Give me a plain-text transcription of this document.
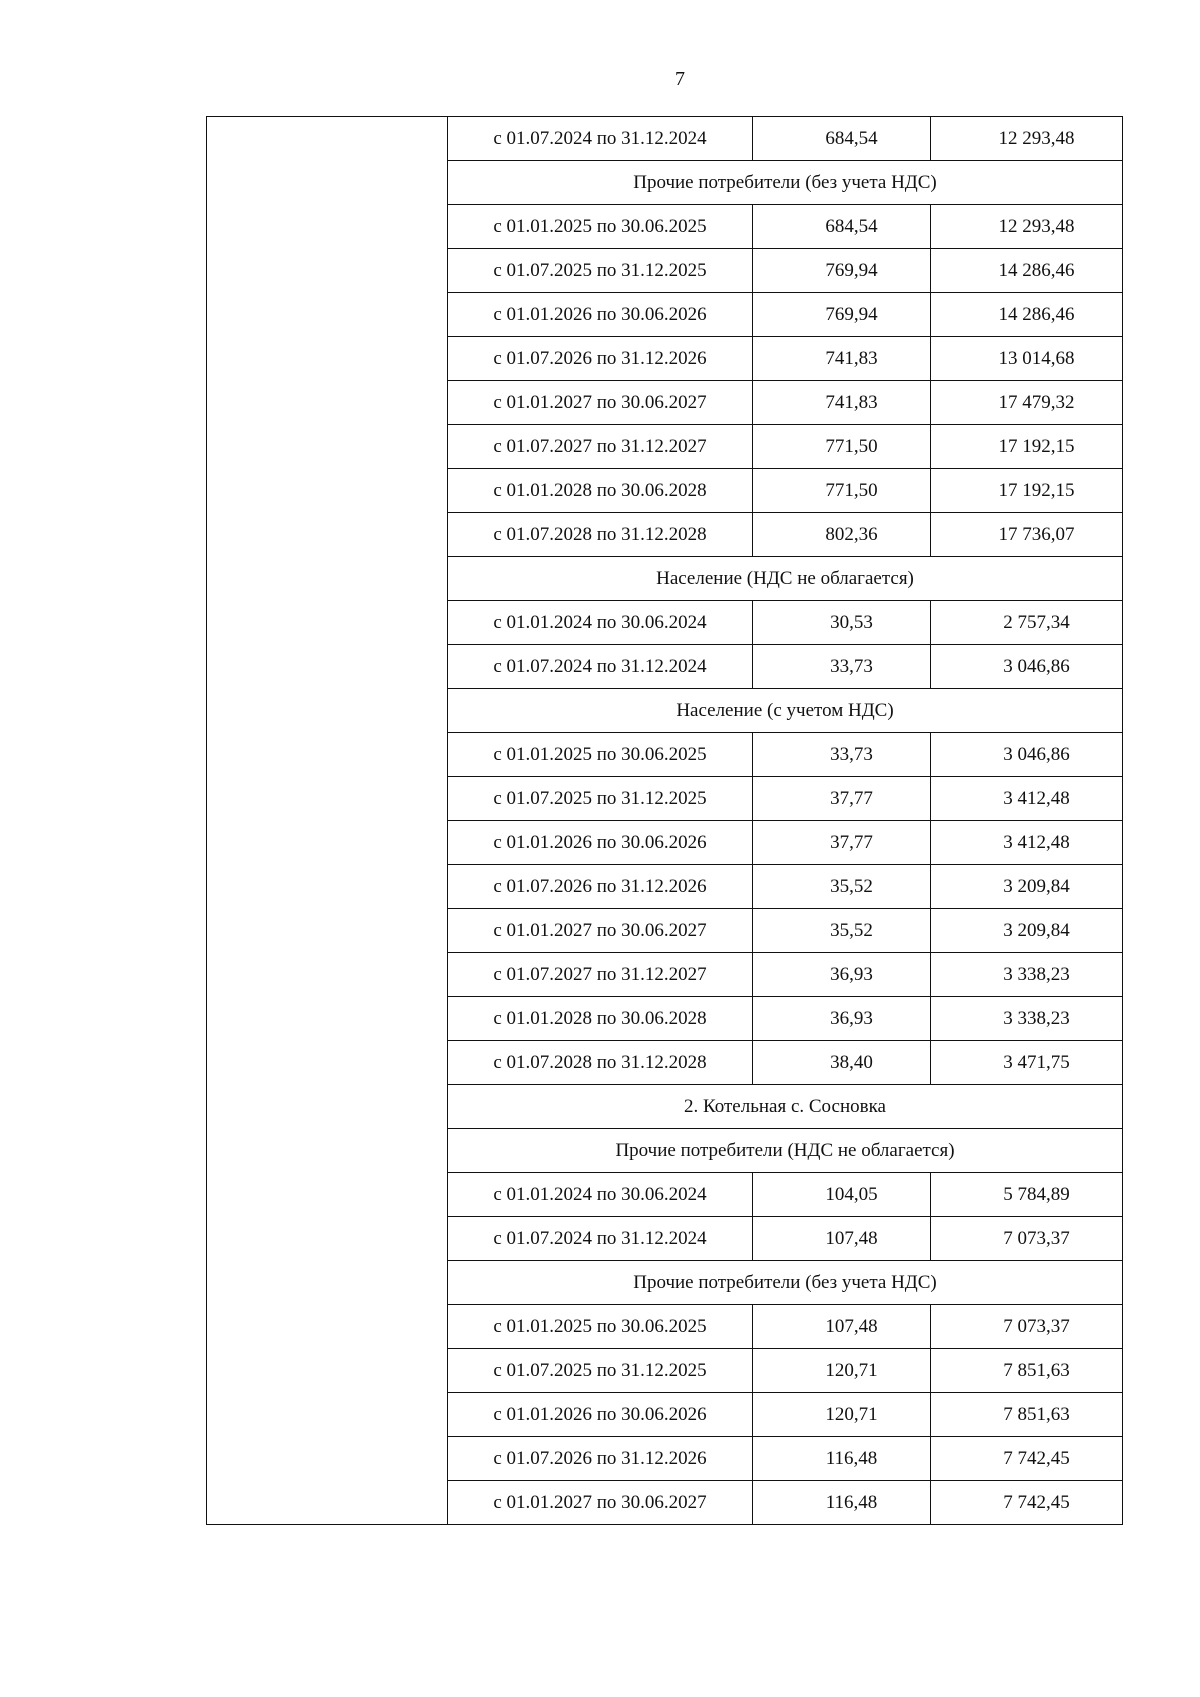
7
	с 01.07.2024 по 31.12.2024	684,54	12 293,48
	Прочие потребители (без учета НДС)		
	с 01.01.2025 по 30.06.2025	684,54	12 293,48
	с 01.07.2025 по 31.12.2025	769,94	14 286,46
	с 01.01.2026 по 30.06.2026	769,94	14 286,46
	с 01.07.2026 по 31.12.2026	741,83	13 014,68
	с 01.01.2027 по 30.06.2027	741,83	17 479,32
	с 01.07.2027 по 31.12.2027	771,50	17 192,15
	с 01.01.2028 по 30.06.2028	771,50	17 192,15
	с 01.07.2028 по 31.12.2028	802,36	17 736,07
	Население (НДС не облагается)		
	с 01.01.2024 по 30.06.2024	30,53	2 757,34
	с 01.07.2024 по 31.12.2024	33,73	3 046,86
	Население (с учетом НДС)		
	с 01.01.2025 по 30.06.2025	33,73	3 046,86
	с 01.07.2025 по 31.12.2025	37,77	3 412,48
	с 01.01.2026 по 30.06.2026	37,77	3 412,48
	с 01.07.2026 по 31.12.2026	35,52	3 209,84
	с 01.01.2027 по 30.06.2027	35,52	3 209,84
	с 01.07.2027 по 31.12.2027	36,93	3 338,23
	с 01.01.2028 по 30.06.2028	36,93	3 338,23
	с 01.07.2028 по 31.12.2028	38,40	3 471,75
	2. Котельная с. Сосновка		
	Прочие потребители (НДС не облагается)		
	с 01.01.2024 по 30.06.2024	104,05	5 784,89
	с 01.07.2024 по 31.12.2024	107,48	7 073,37
	Прочие потребители (без учета НДС)		
	с 01.01.2025 по 30.06.2025	107,48	7 073,37
	с 01.07.2025 по 31.12.2025	120,71	7 851,63
	с 01.01.2026 по 30.06.2026	120,71	7 851,63
	с 01.07.2026 по 31.12.2026	116,48	7 742,45
	с 01.01.2027 по 30.06.2027	116,48	7 742,45
